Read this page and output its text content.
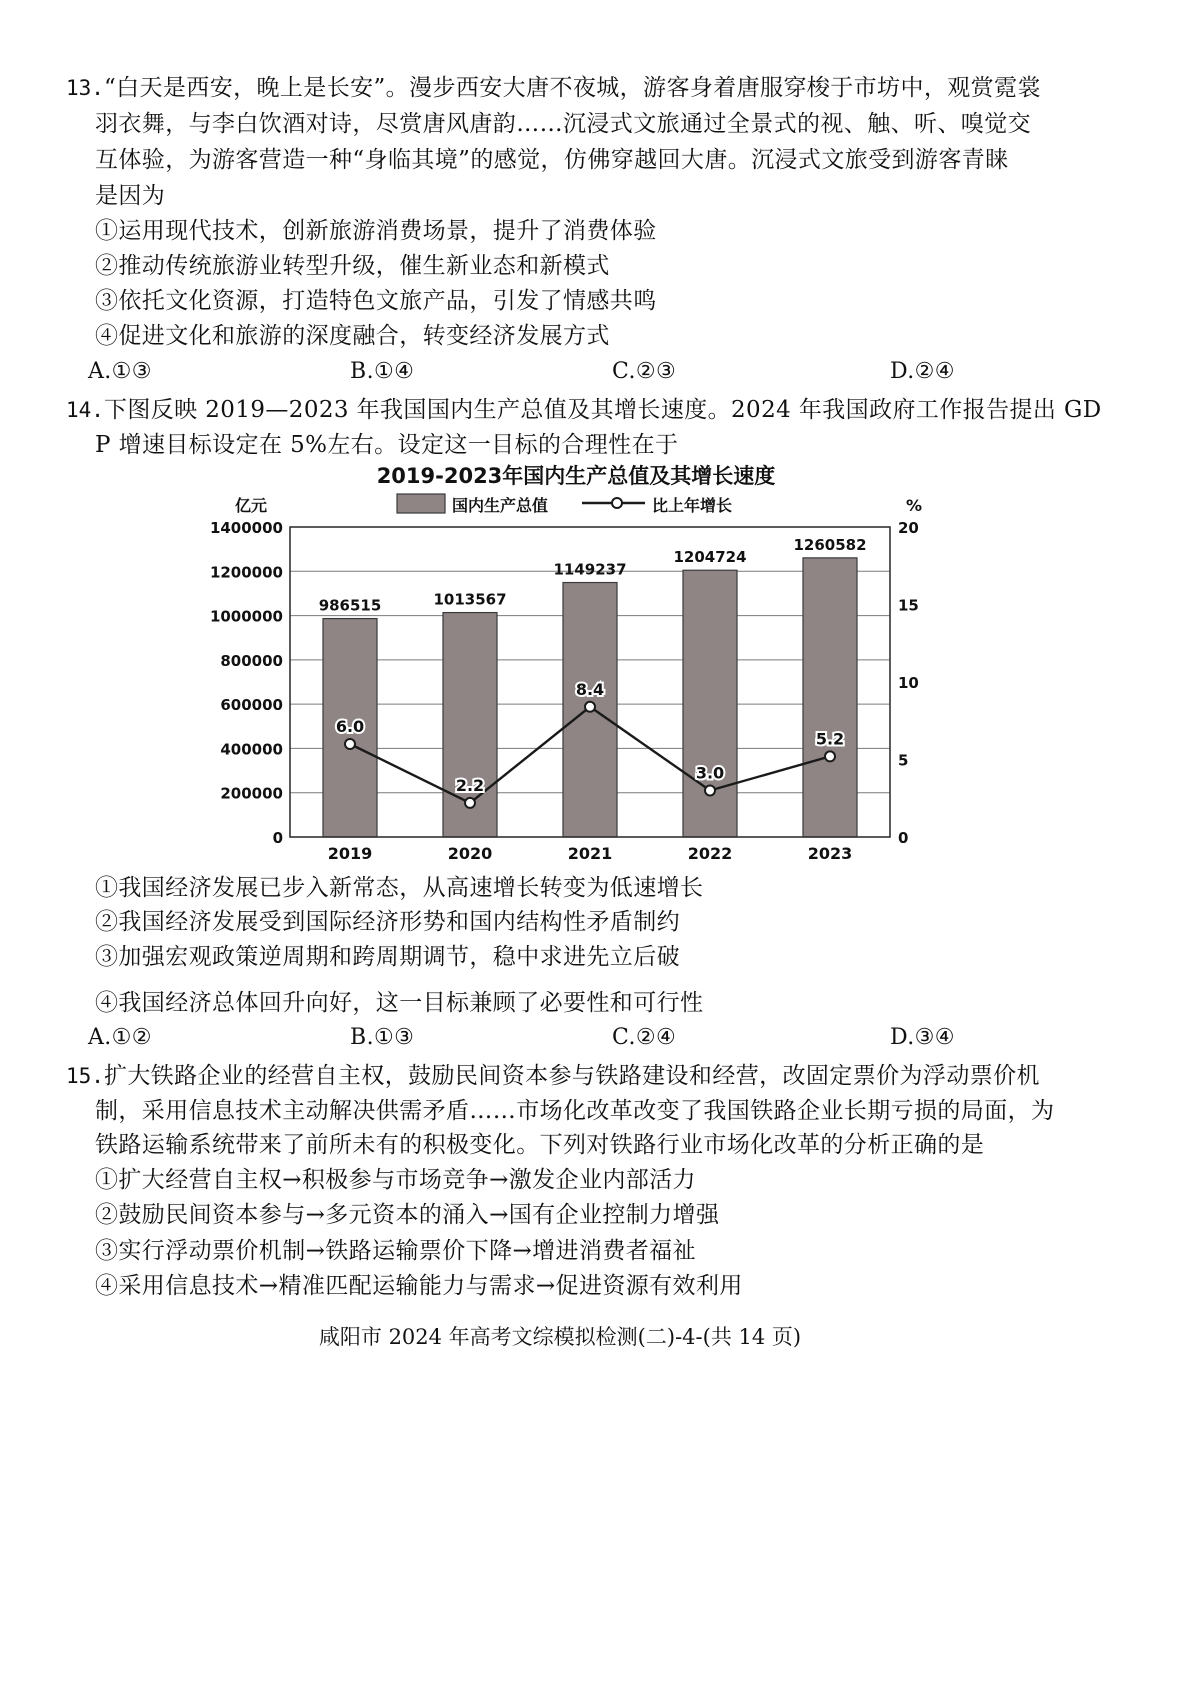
13.“白天是西安，晚上是长安”。漫步西安大唐不夜城，游客身着唐服穿梭于市坊中，观赏霓裳
羽衣舞，与李白饮酒对诗，尽赏唐风唐韵……沉浸式文旅通过全景式的视、触、听、嗅觉交
互体验，为游客营造一种“身临其境”的感觉，仿佛穿越回大唐。沉浸式文旅受到游客青睐
是因为
①运用现代技术，创新旅游消费场景，提升了消费体验
②推动传统旅游业转型升级，催生新业态和新模式
③依托文化资源，打造特色文旅产品，引发了情感共鸣
④促进文化和旅游的深度融合，转变经济发展方式
A.①③	B.①④	C.②③	D.②④
14.下图反映 2019—2023 年我国国内生产总值及其增长速度。2024 年我国政府工作报告提出 GD
P 增速目标设定在 5%左右。设定这一目标的合理性在于
2019-2023年国内生产总值及其增长速度
国内生产总值	比上年增长
亿元	%
0
200000
400000
600000
800000
1000000
1200000
1400000
0
5
10
15
20
2019	2020	2021	2022	2023
986515	1013567
1149237
1204724
1260582
6.0
2.2
8.4
3.0
5.2
①我国经济发展已步入新常态，从高速增长转变为低速增长
②我国经济发展受到国际经济形势和国内结构性矛盾制约
③加强宏观政策逆周期和跨周期调节，稳中求进先立后破
④我国经济总体回升向好，这一目标兼顾了必要性和可行性
A.①②	B.①③	C.②④	D.③④
15.扩大铁路企业的经营自主权，鼓励民间资本参与铁路建设和经营，改固定票价为浮动票价机
制，采用信息技术主动解决供需矛盾……市场化改革改变了我国铁路企业长期亏损的局面，为
铁路运输系统带来了前所未有的积极变化。下列对铁路行业市场化改革的分析正确的是
①扩大经营自主权→积极参与市场竞争→激发企业内部活力
②鼓励民间资本参与→多元资本的涌入→国有企业控制力增强
③实行浮动票价机制→铁路运输票价下降→增进消费者福祉
④采用信息技术→精准匹配运输能力与需求→促进资源有效利用
咸阳市 2024 年高考文综模拟检测(二)-4-(共 14 页)
